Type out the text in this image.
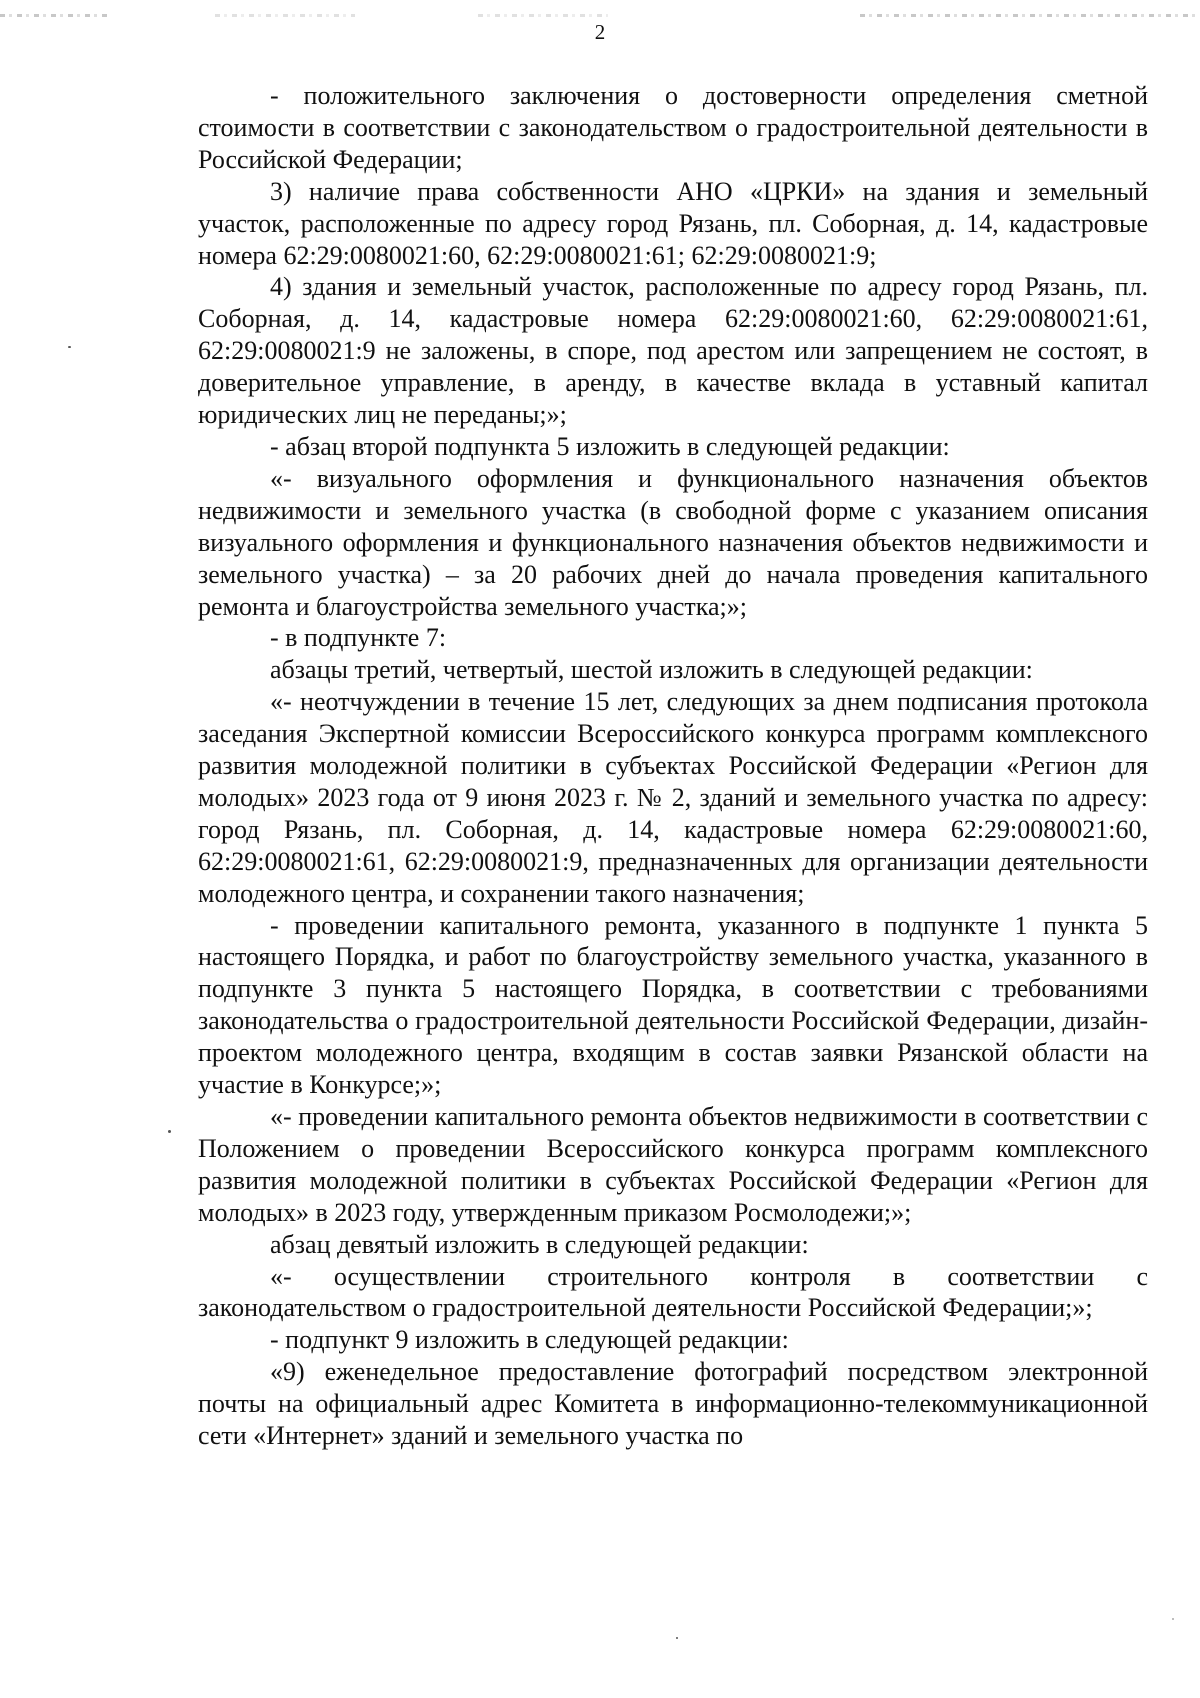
2

- положительного заключения о достоверности определения сметной стоимости в соответствии с законодательством о градостроительной деятельности в Российской Федерации;

3) наличие права собственности АНО «ЦРКИ» на здания и земельный участок, расположенные по адресу город Рязань, пл. Соборная, д. 14, кадастровые номера 62:29:0080021:60, 62:29:0080021:61; 62:29:0080021:9;

4) здания и земельный участок, расположенные по адресу город Рязань, пл. Соборная, д. 14, кадастровые номера 62:29:0080021:60, 62:29:0080021:61, 62:29:0080021:9 не заложены, в споре, под арестом или запрещением не состоят, в доверительное управление, в аренду, в качестве вклада в уставный капитал юридических лиц не переданы;»;

- абзац второй подпункта 5 изложить в следующей редакции:

«- визуального оформления и функционального назначения объектов недвижимости и земельного участка (в свободной форме с указанием описания визуального оформления и функционального назначения объектов недвижимости и земельного участка) – за 20 рабочих дней до начала проведения капитального ремонта и благоустройства земельного участка;»;

- в подпункте 7:

абзацы третий, четвертый, шестой изложить в следующей редакции:

«- неотчуждении в течение 15 лет, следующих за днем подписания протокола заседания Экспертной комиссии Всероссийского конкурса программ комплексного развития молодежной политики в субъектах Российской Федерации «Регион для молодых» 2023 года от 9 июня 2023 г. № 2, зданий и земельного участка по адресу: город Рязань, пл. Соборная, д. 14, кадастровые номера 62:29:0080021:60, 62:29:0080021:61, 62:29:0080021:9, предназначенных для организации деятельности молодежного центра, и сохранении такого назначения;

- проведении капитального ремонта, указанного в подпункте 1 пункта 5 настоящего Порядка, и работ по благоустройству земельного участка, указанного в подпункте 3 пункта 5 настоящего Порядка, в соответствии с требованиями законодательства о градостроительной деятельности Российской Федерации, дизайн-проектом молодежного центра, входящим в состав заявки Рязанской области на участие в Конкурсе;»;

«- проведении капитального ремонта объектов недвижимости в соответствии с Положением о проведении Всероссийского конкурса программ комплексного развития молодежной политики в субъектах Российской Федерации «Регион для молодых» в 2023 году, утвержденным приказом Росмолодежи;»;

абзац девятый изложить в следующей редакции:

«- осуществлении строительного контроля в соответствии с законодательством о градостроительной деятельности Российской Федерации;»;

- подпункт 9 изложить в следующей редакции:

«9) еженедельное предоставление фотографий посредством электронной почты на официальный адрес Комитета в информационно-телекоммуникационной сети «Интернет» зданий и земельного участка по
